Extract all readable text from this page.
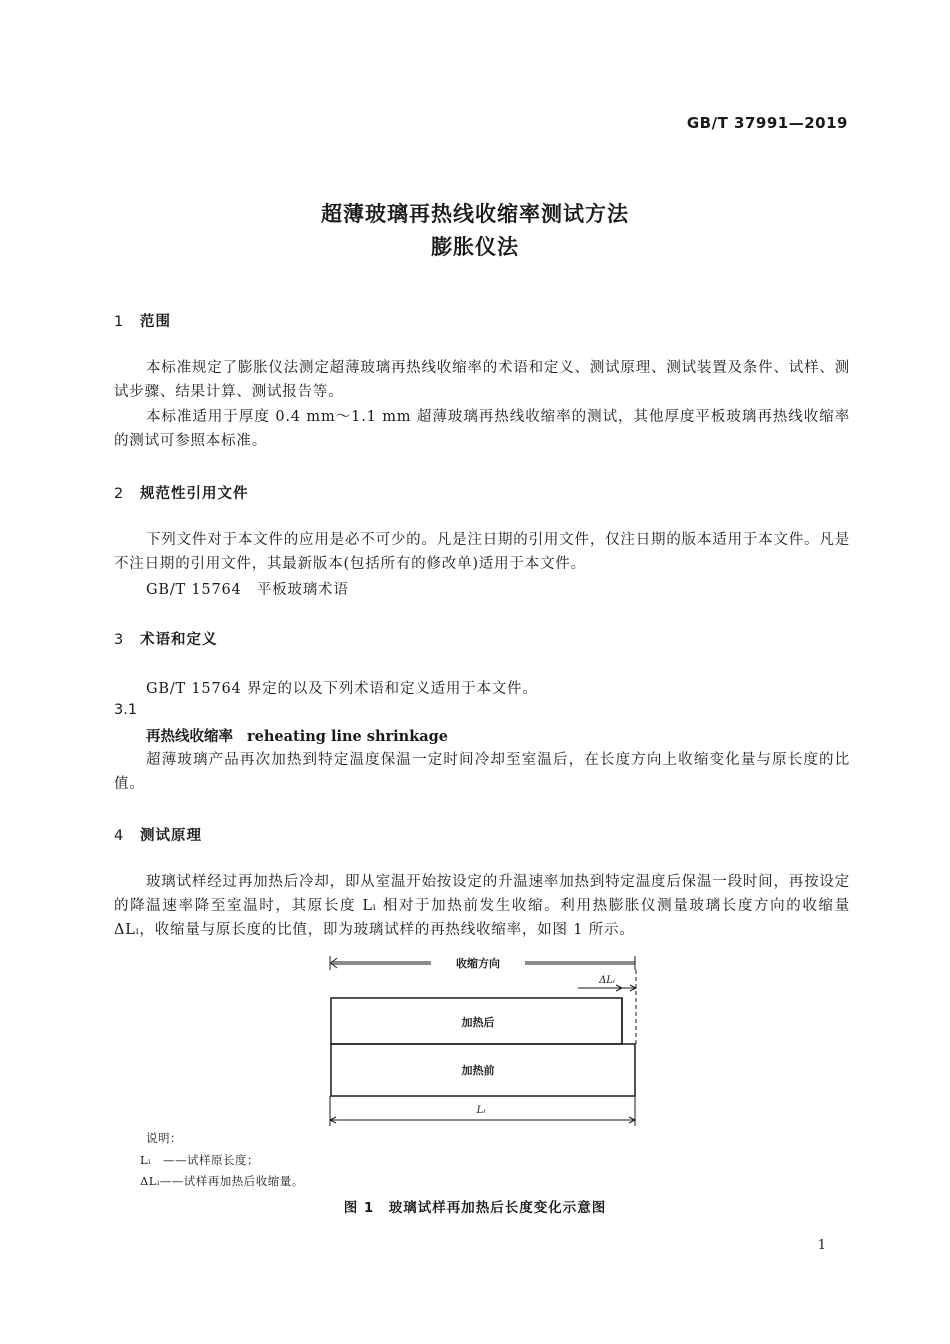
GB/T 37991—2019
超薄玻璃再热线收缩率测试方法
膨胀仪法
1 范围
本标准规定了膨胀仪法测定超薄玻璃再热线收缩率的术语和定义、测试原理、测试装置及条件、试样、测试步骤、结果计算、测试报告等。
本标准适用于厚度 0.4 mm～1.1 mm 超薄玻璃再热线收缩率的测试，其他厚度平板玻璃再热线收缩率的测试可参照本标准。
2 规范性引用文件
下列文件对于本文件的应用是必不可少的。凡是注日期的引用文件，仅注日期的版本适用于本文件。凡是不注日期的引用文件，其最新版本(包括所有的修改单)适用于本文件。
GB/T 15764　平板玻璃术语
3 术语和定义
GB/T 15764 界定的以及下列术语和定义适用于本文件。
3.1
再热线收缩率 reheating line shrinkage
超薄玻璃产品再次加热到特定温度保温一定时间冷却至室温后，在长度方向上收缩变化量与原长度的比值。
4 测试原理
玻璃试样经过再加热后冷却，即从室温开始按设定的升温速率加热到特定温度后保温一段时间，再按设定的降温速率降至室温时，其原长度 Lᵢ 相对于加热前发生收缩。利用热膨胀仪测量玻璃长度方向的收缩量 ΔLᵢ，收缩量与原长度的比值，即为玻璃试样的再热线收缩率，如图 1 所示。
收缩方向
ΔLᵢ
加热后
加热前
Lᵢ
说明：
Lᵢ　——试样原长度；
ΔLᵢ——试样再加热后收缩量。
图 1　玻璃试样再加热后长度变化示意图
1
